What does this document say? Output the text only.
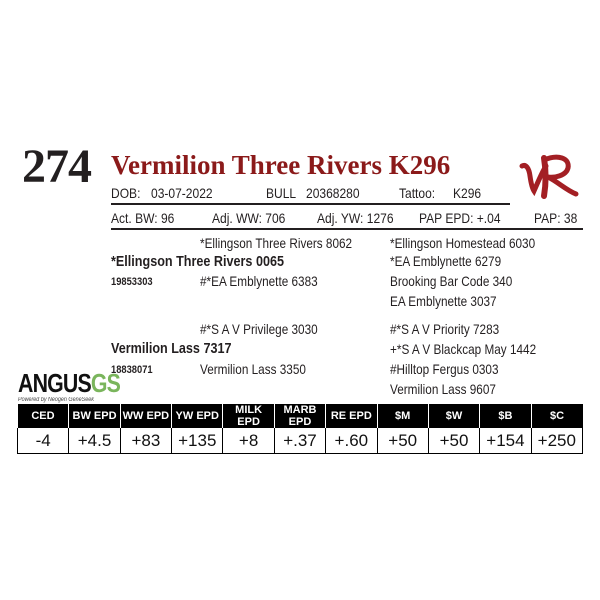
274 Vermilion Three Rivers K296
DOB: 03-07-2022	BULL 20368280	Tattoo: K296
Act. BW: 96	Adj. WW: 706 Adj. YW: 1276 PAP EPD: +.04 PAP: 38
*Ellingson Three Rivers 8062	*Ellingson Homestead 6030
*Ellingson Three Rivers 0065	*EA Emblynette 6279
19853303	#*EA Emblynette 6383	Brooking Bar Code 340
EA Emblynette 3037
#*S A V Privilege 3030	#*S A V Priority 7283
Vermilion Lass 7317	+*S A V Blackcap May 1442
18838071	Vermilion Lass 3350	#Hilltop Fergus 0303
Vermilion Lass 9607
ANGUSGS
Powered by Neogen GeneSeek
CED	BW EPD	WW EPD	YW EPD	MILK EPD	MARB EPD	RE EPD	$M	$W	$B	$C
-4	+4.5	+83	+135	+8	+.37	+.60	+50	+50	+154	+250
